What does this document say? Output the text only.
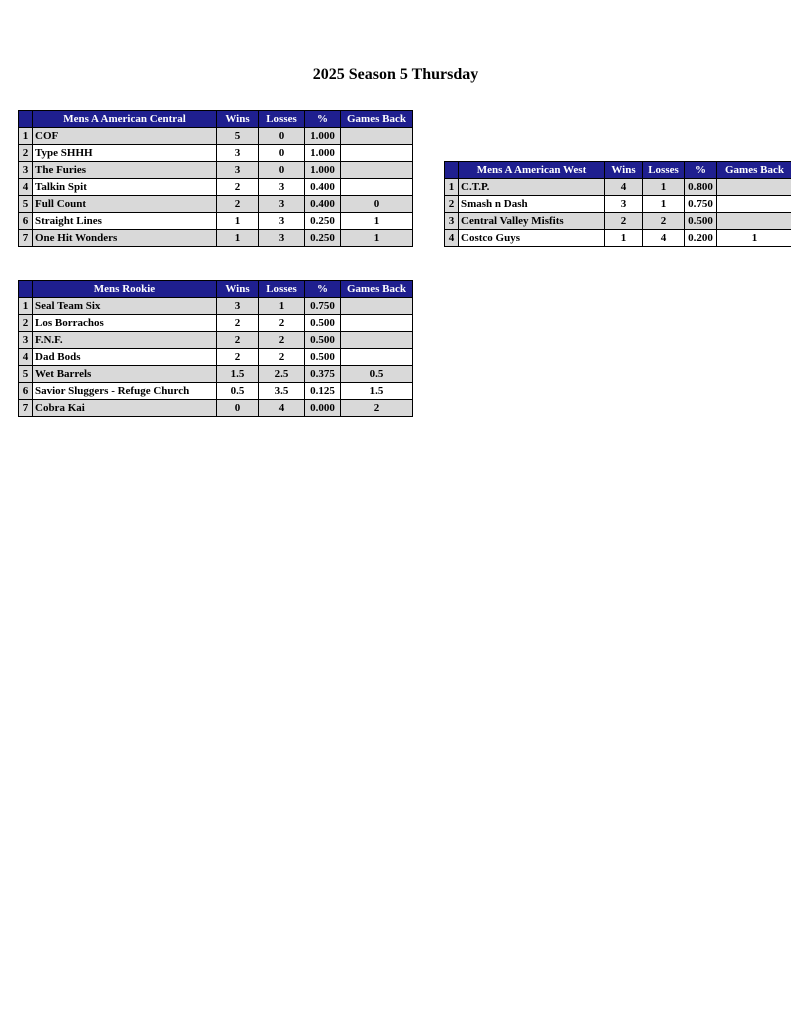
2025 Season 5 Thursday
	Mens A American Central	Wins	Losses	%	Games Back
1	COF	5	0	1.000	
2	Type SHHH	3	0	1.000	
3	The Furies	3	0	1.000	
4	Talkin Spit	2	3	0.400	
5	Full Count	2	3	0.400	0
6	Straight Lines	1	3	0.250	1
7	One Hit Wonders	1	3	0.250	1
	Mens A American West	Wins	Losses	%	Games Back
1	C.T.P.	4	1	0.800	
2	Smash n Dash	3	1	0.750	
3	Central Valley Misfits	2	2	0.500	
4	Costco Guys	1	4	0.200	1
	Mens Rookie	Wins	Losses	%	Games Back
1	Seal Team Six	3	1	0.750	
2	Los Borrachos	2	2	0.500	
3	F.N.F.	2	2	0.500	
4	Dad Bods	2	2	0.500	
5	Wet Barrels	1.5	2.5	0.375	0.5
6	Savior Sluggers - Refuge Church	0.5	3.5	0.125	1.5
7	Cobra Kai	0	4	0.000	2
